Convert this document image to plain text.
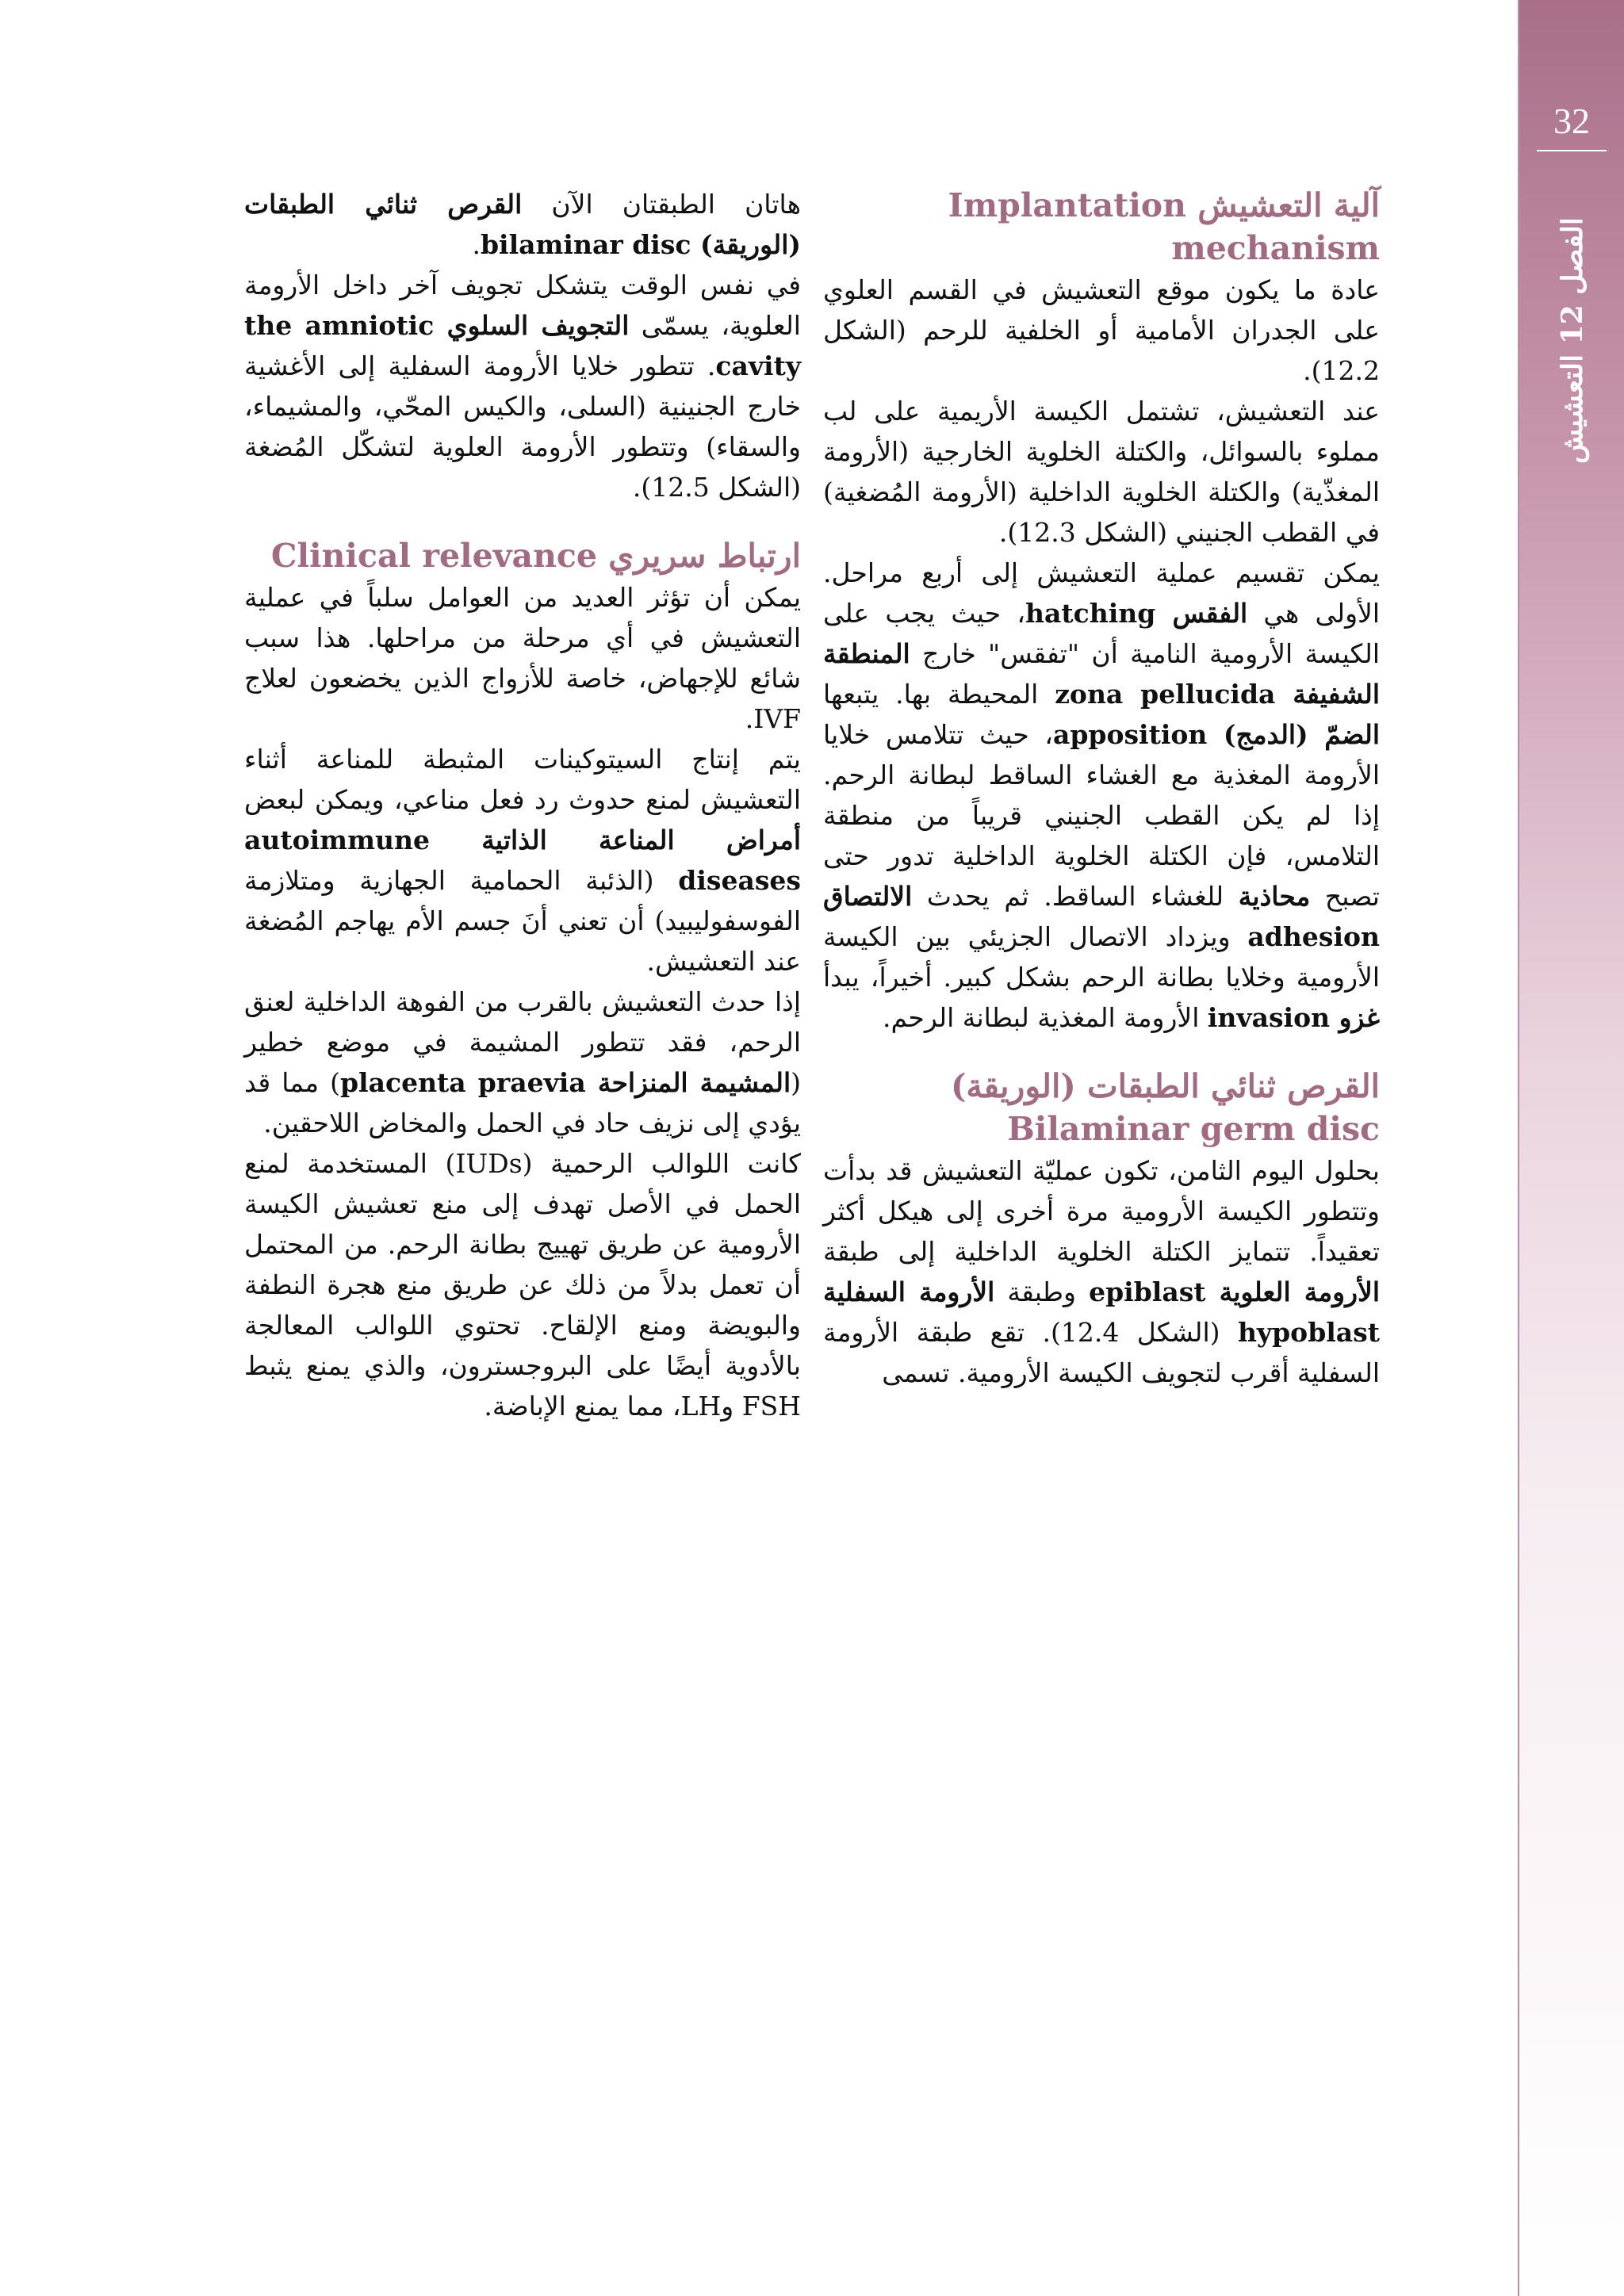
32
الفصل 12 التعشيش
آلية التعشيش Implantation mechanism

عادة ما يكون موقع التعشيش في القسم العلوي على الجدران الأمامية أو الخلفية للرحم (الشكل 12.2).

عند التعشيش، تشتمل الكيسة الأريمية على لب مملوء بالسوائل، والكتلة الخلوية الخارجية (الأرومة المغذّية) والكتلة الخلوية الداخلية (الأرومة المُضغية) في القطب الجنيني (الشكل 12.3).

يمكن تقسيم عملية التعشيش إلى أربع مراحل. الأولى هي الفقس hatching، حيث يجب على الكيسة الأرومية النامية أن "تفقس" خارج المنطقة الشفيفة zona pellucida المحيطة بها. يتبعها الضمّ (الدمج) apposition، حيث تتلامس خلايا الأرومة المغذية مع الغشاء الساقط لبطانة الرحم. إذا لم يكن القطب الجنيني قريباً من منطقة التلامس، فإن الكتلة الخلوية الداخلية تدور حتى تصبح محاذية للغشاء الساقط. ثم يحدث الالتصاق adhesion ويزداد الاتصال الجزيئي بين الكيسة الأرومية وخلايا بطانة الرحم بشكل كبير. أخيراً، يبدأ غزو invasion الأرومة المغذية لبطانة الرحم.

القرص ثنائي الطبقات (الوريقة) Bilaminar germ disc

بحلول اليوم الثامن، تكون عمليّة التعشيش قد بدأت وتتطور الكيسة الأرومية مرة أخرى إلى هيكل أكثر تعقيداً. تتمايز الكتلة الخلوية الداخلية إلى طبقة الأرومة العلوية epiblast وطبقة الأرومة السفلية hypoblast (الشكل 12.4). تقع طبقة الأرومة السفلية أقرب لتجويف الكيسة الأرومية. تسمى

هاتان الطبقتان الآن القرص ثنائي الطبقات (الوريقة) bilaminar disc.

في نفس الوقت يتشكل تجويف آخر داخل الأرومة العلوية، يسمّى التجويف السلوي the amniotic cavity. تتطور خلايا الأرومة السفلية إلى الأغشية خارج الجنينية (السلى، والكيس المحّي، والمشيماء، والسقاء) وتتطور الأرومة العلوية لتشكّل المُضغة (الشكل 12.5).

ارتباط سريري Clinical relevance

يمكن أن تؤثر العديد من العوامل سلباً في عملية التعشيش في أي مرحلة من مراحلها. هذا سبب شائع للإجهاض، خاصة للأزواج الذين يخضعون لعلاج IVF.

يتم إنتاج السيتوكينات المثبطة للمناعة أثناء التعشيش لمنع حدوث رد فعل مناعي، ويمكن لبعض أمراض المناعة الذاتية autoimmune diseases (الذئبة الحمامية الجهازية ومتلازمة الفوسفوليبيد) أن تعني أنَ جسم الأم يهاجم المُضغة عند التعشيش.

إذا حدث التعشيش بالقرب من الفوهة الداخلية لعنق الرحم، فقد تتطور المشيمة في موضع خطير (المشيمة المنزاحة placenta praevia) مما قد يؤدي إلى نزيف حاد في الحمل والمخاض اللاحقين.

كانت اللوالب الرحمية (IUDs) المستخدمة لمنع الحمل في الأصل تهدف إلى منع تعشيش الكيسة الأرومية عن طريق تهييج بطانة الرحم. من المحتمل أن تعمل بدلاً من ذلك عن طريق منع هجرة النطفة والبويضة ومنع الإلقاح. تحتوي اللوالب المعالجة بالأدوية أيضًا على البروجسترون، والذي يمنع يثبط FSH وLH، مما يمنع الإباضة.
